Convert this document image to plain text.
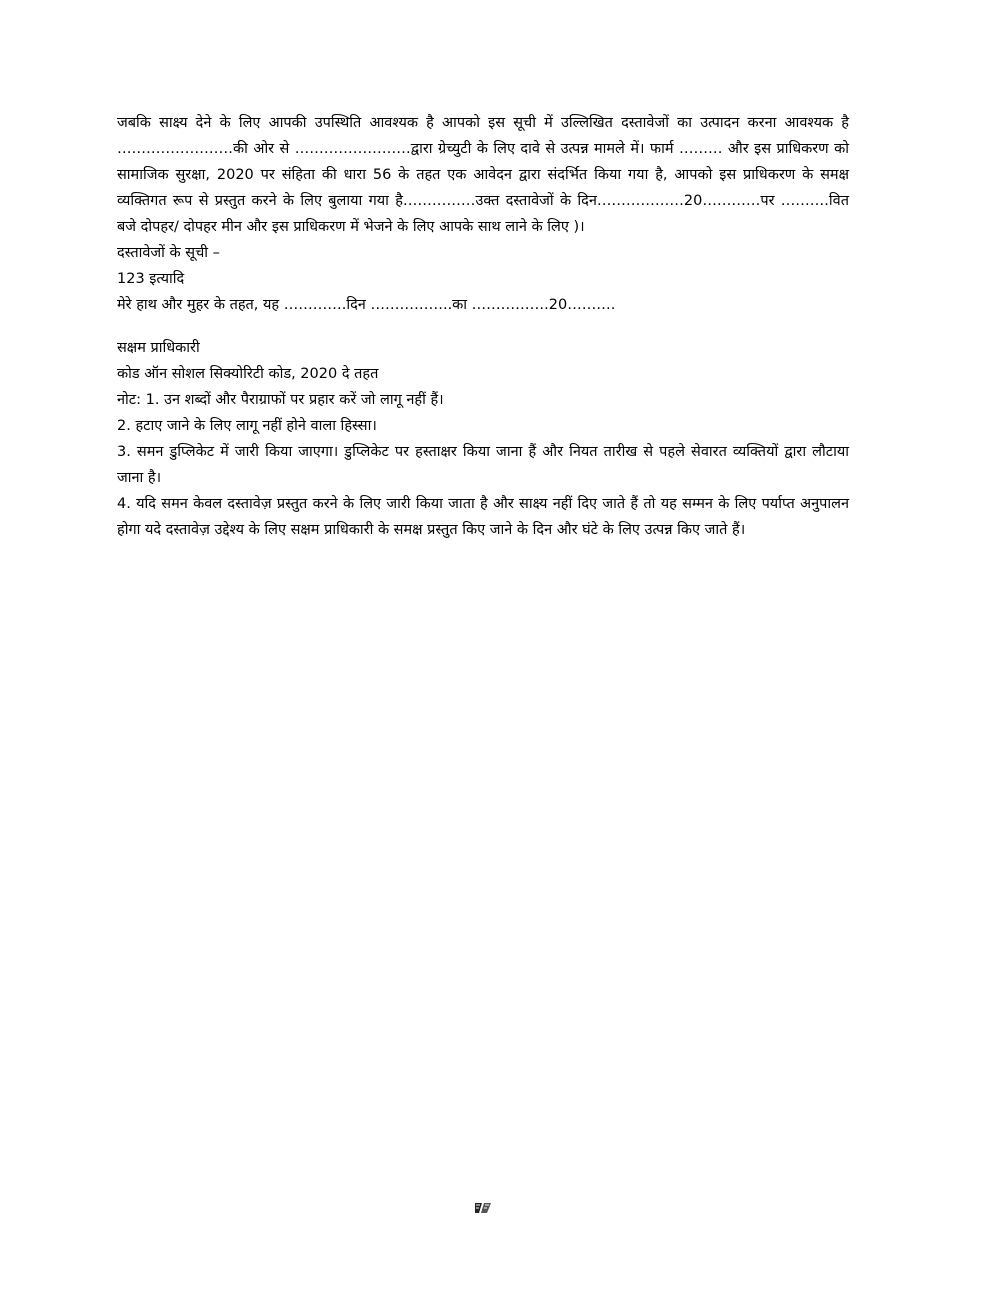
जबकि साक्ष्य देने के लिए आपकी उपस्थिति आवश्यक है आपको इस सूची में उल्लिखित दस्तावेजों का उत्पादन करना आवश्यक है ……………………की ओर से ……………………द्वारा ग्रेच्युटी के लिए दावे से उत्पन्न मामले में। फार्म ……… और इस प्राधिकरण को सामाजिक सुरक्षा, 2020 पर संहिता की धारा 56 के तहत एक आवेदन द्वारा संदर्भित किया गया है, आपको इस प्राधिकरण के समक्ष व्यक्तिगत रूप से प्रस्तुत करने के लिए बुलाया गया है……………उक्त दस्तावेजों के दिन………………20…………पर ……….वित बजे दोपहर/ दोपहर मीन और इस प्राधिकरण में भेजने के लिए आपके साथ लाने के लिए )।

दस्तावेजों के सूची –

123 इत्यादि

मेरे हाथ और मुहर के तहत, यह ………….दिन ……………..का …………….20……….

सक्षम प्राधिकारी

कोड ऑन सोशल सिक्योरिटी कोड, 2020 दे तहत

नोट: 1. उन शब्दों और पैराग्राफों पर प्रहार करें जो लागू नहीं हैं।

2. हटाए जाने के लिए लागू नहीं होने वाला हिस्सा।

3. समन डुप्लिकेट में जारी किया जाएगा। डुप्लिकेट पर हस्ताक्षर किया जाना हैं और नियत तारीख से पहले सेवारत व्यक्तियों द्वारा लौटाया जाना है।

4. यदि समन केवल दस्तावेज़ प्रस्तुत करने के लिए जारी किया जाता है और साक्ष्य नहीं दिए जाते हैं तो यह सम्मन के लिए पर्याप्त अनुपालन होगा यदे दस्तावेज़ उद्देश्य के लिए सक्षम प्राधिकारी के समक्ष प्रस्तुत किए जाने के दिन और घंटे के लिए उत्पन्न किए जाते हैं।
